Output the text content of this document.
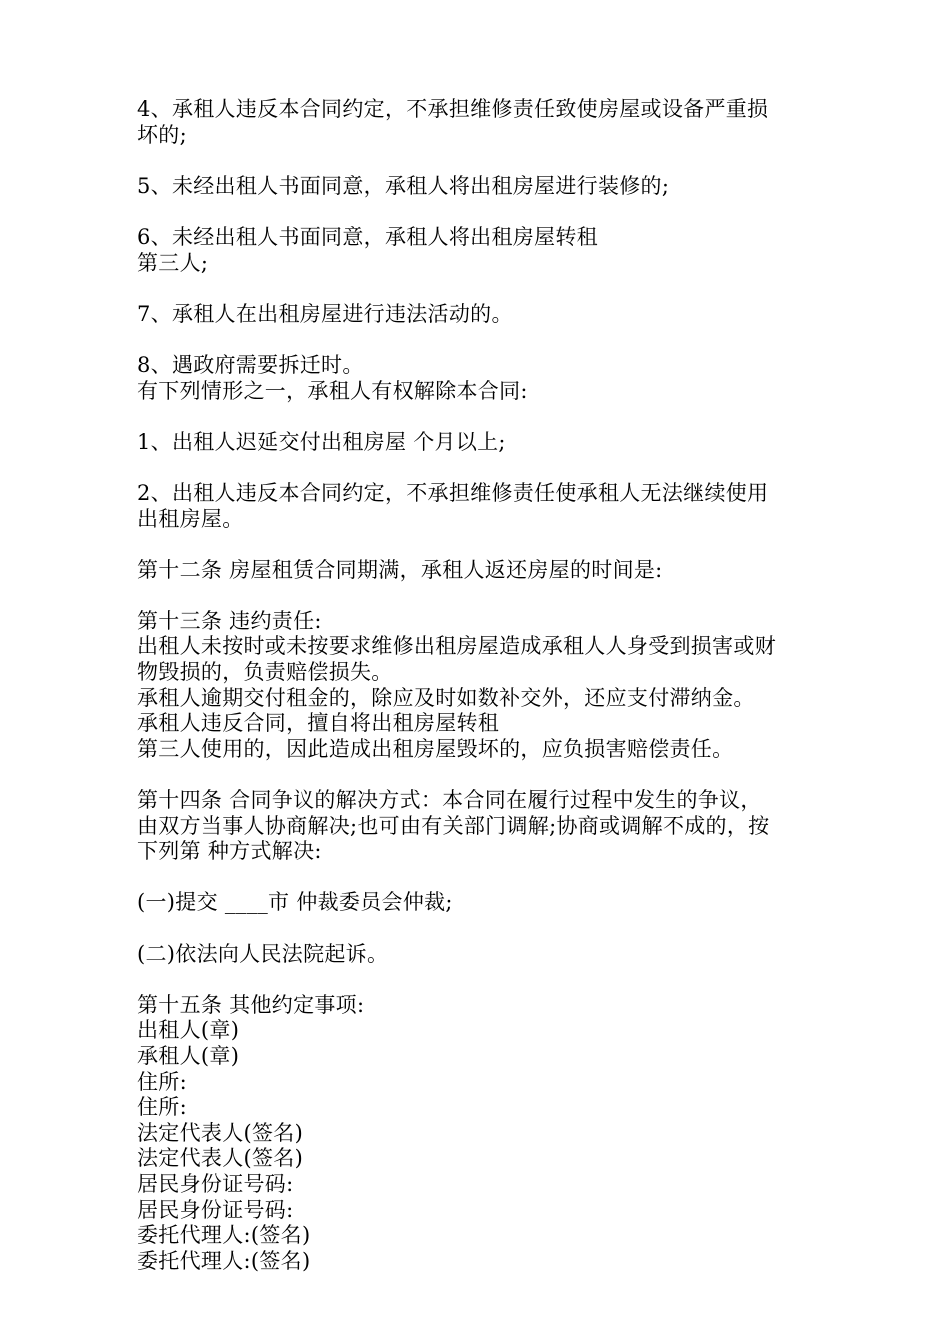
4、承租人违反本合同约定，不承担维修责任致使房屋或设备严重损
坏的;
5、未经出租人书面同意，承租人将出租房屋进行装修的;
6、未经出租人书面同意，承租人将出租房屋转租
第三人;
7、承租人在出租房屋进行违法活动的。
8、遇政府需要拆迁时。
有下列情形之一，承租人有权解除本合同:
1、出租人迟延交付出租房屋 个月以上;
2、出租人违反本合同约定，不承担维修责任使承租人无法继续使用
出租房屋。
第十二条 房屋租赁合同期满，承租人返还房屋的时间是:
第十三条 违约责任:
出租人未按时或未按要求维修出租房屋造成承租人人身受到损害或财
物毁损的，负责赔偿损失。
承租人逾期交付租金的，除应及时如数补交外，还应支付滞纳金。
承租人违反合同，擅自将出租房屋转租
第三人使用的，因此造成出租房屋毁坏的，应负损害赔偿责任。
第十四条 合同争议的解决方式：本合同在履行过程中发生的争议，
由双方当事人协商解决;也可由有关部门调解;协商或调解不成的，按
下列第 种方式解决:
(一)提交 ____市 仲裁委员会仲裁;
(二)依法向人民法院起诉。
第十五条 其他约定事项:
出租人(章)
承租人(章)
住所:
住所:
法定代表人(签名)
法定代表人(签名)
居民身份证号码:
居民身份证号码:
委托代理人:(签名)
委托代理人:(签名)
